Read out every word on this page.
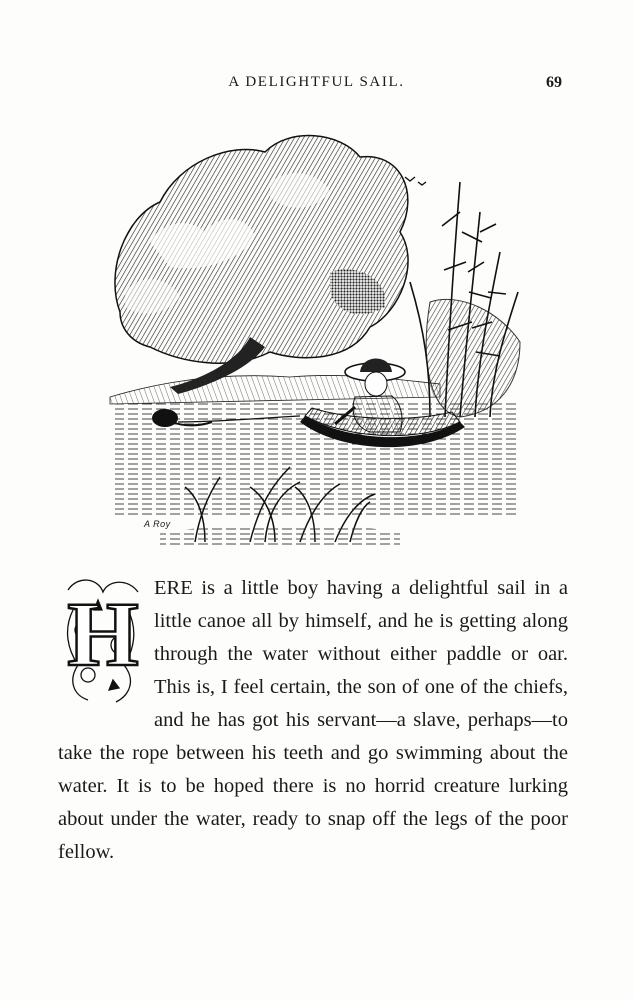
A DELIGHTFUL SAIL.	69
A Roy
H ERE is a little boy having a delightful sail in a little canoe all by himself, and he is getting along through the water without either paddle or oar. This is, I feel certain, the son of one of the chiefs, and he has got his servant—a slave, perhaps—to take the rope between his teeth and go swimming about the water. It is to be hoped there is no horrid creature lurking about under the water, ready to snap off the legs of the poor fellow.
